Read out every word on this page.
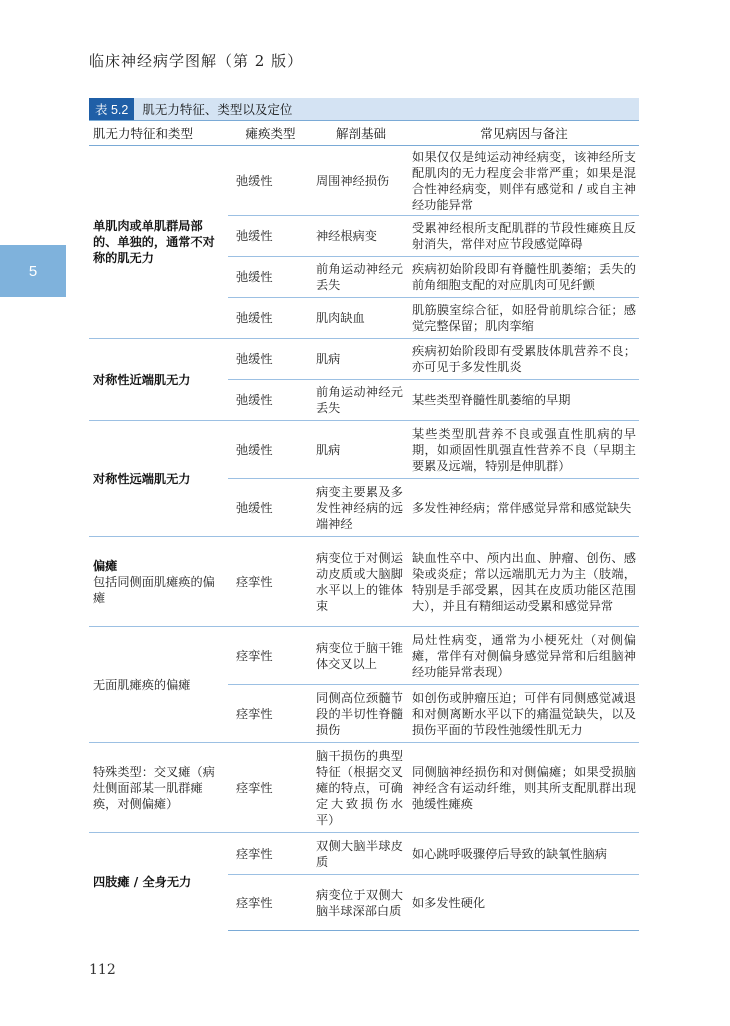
临床神经病学图解（第 2 版）
5
表 5.2	肌无力特征、类型以及定位
肌无力特征和类型	瘫痪类型	解剖基础	常见病因与备注
单肌肉或单肌群局部的、单独的，通常不对称的肌无力	弛缓性	周围神经损伤	如果仅仅是纯运动神经病变，该神经所支配肌肉的无力程度会非常严重；如果是混合性神经病变，则伴有感觉和 / 或自主神经功能异常
	弛缓性	神经根病变	受累神经根所支配肌群的节段性瘫痪且反射消失，常伴对应节段感觉障碍
	弛缓性	前角运动神经元丢失	疾病初始阶段即有脊髓性肌萎缩；丢失的前角细胞支配的对应肌肉可见纤颤
	弛缓性	肌肉缺血	肌筋膜室综合征，如胫骨前肌综合征；感觉完整保留；肌肉挛缩
对称性近端肌无力	弛缓性	肌病	疾病初始阶段即有受累肢体肌营养不良；亦可见于多发性肌炎
	弛缓性	前角运动神经元丢失	某些类型脊髓性肌萎缩的早期
对称性远端肌无力	弛缓性	肌病	某些类型肌营养不良或强直性肌病的早期，如顽固性肌强直性营养不良（早期主要累及远端，特别是伸肌群）
	弛缓性	病变主要累及多发性神经病的远端神经	多发性神经病；常伴感觉异常和感觉缺失
偏瘫
包括同侧面肌瘫痪的偏瘫	痉挛性	病变位于对侧运动皮质或大脑脚水平以上的锥体束	缺血性卒中、颅内出血、肿瘤、创伤、感染或炎症；常以远端肌无力为主（肢端，特别是手部受累，因其在皮质功能区范围大），并且有精细运动受累和感觉异常
无面肌瘫痪的偏瘫	痉挛性	病变位于脑干锥体交叉以上	局灶性病变，通常为小梗死灶（对侧偏瘫，常伴有对侧偏身感觉异常和后组脑神经功能异常表现）
	痉挛性	同侧高位颈髓节段的半切性脊髓损伤	如创伤或肿瘤压迫；可伴有同侧感觉减退和对侧离断水平以下的痛温觉缺失，以及损伤平面的节段性弛缓性肌无力
特殊类型：交叉瘫（病灶侧面部某一肌群瘫痪，对侧偏瘫）	痉挛性	脑干损伤的典型特征（根据交叉瘫的特点，可确定大致损伤水平）	同侧脑神经损伤和对侧偏瘫；如果受损脑神经含有运动纤维，则其所支配肌群出现弛缓性瘫痪
四肢瘫 / 全身无力	痉挛性	双侧大脑半球皮质	如心跳呼吸骤停后导致的缺氧性脑病
	痉挛性	病变位于双侧大脑半球深部白质	如多发性硬化
112
